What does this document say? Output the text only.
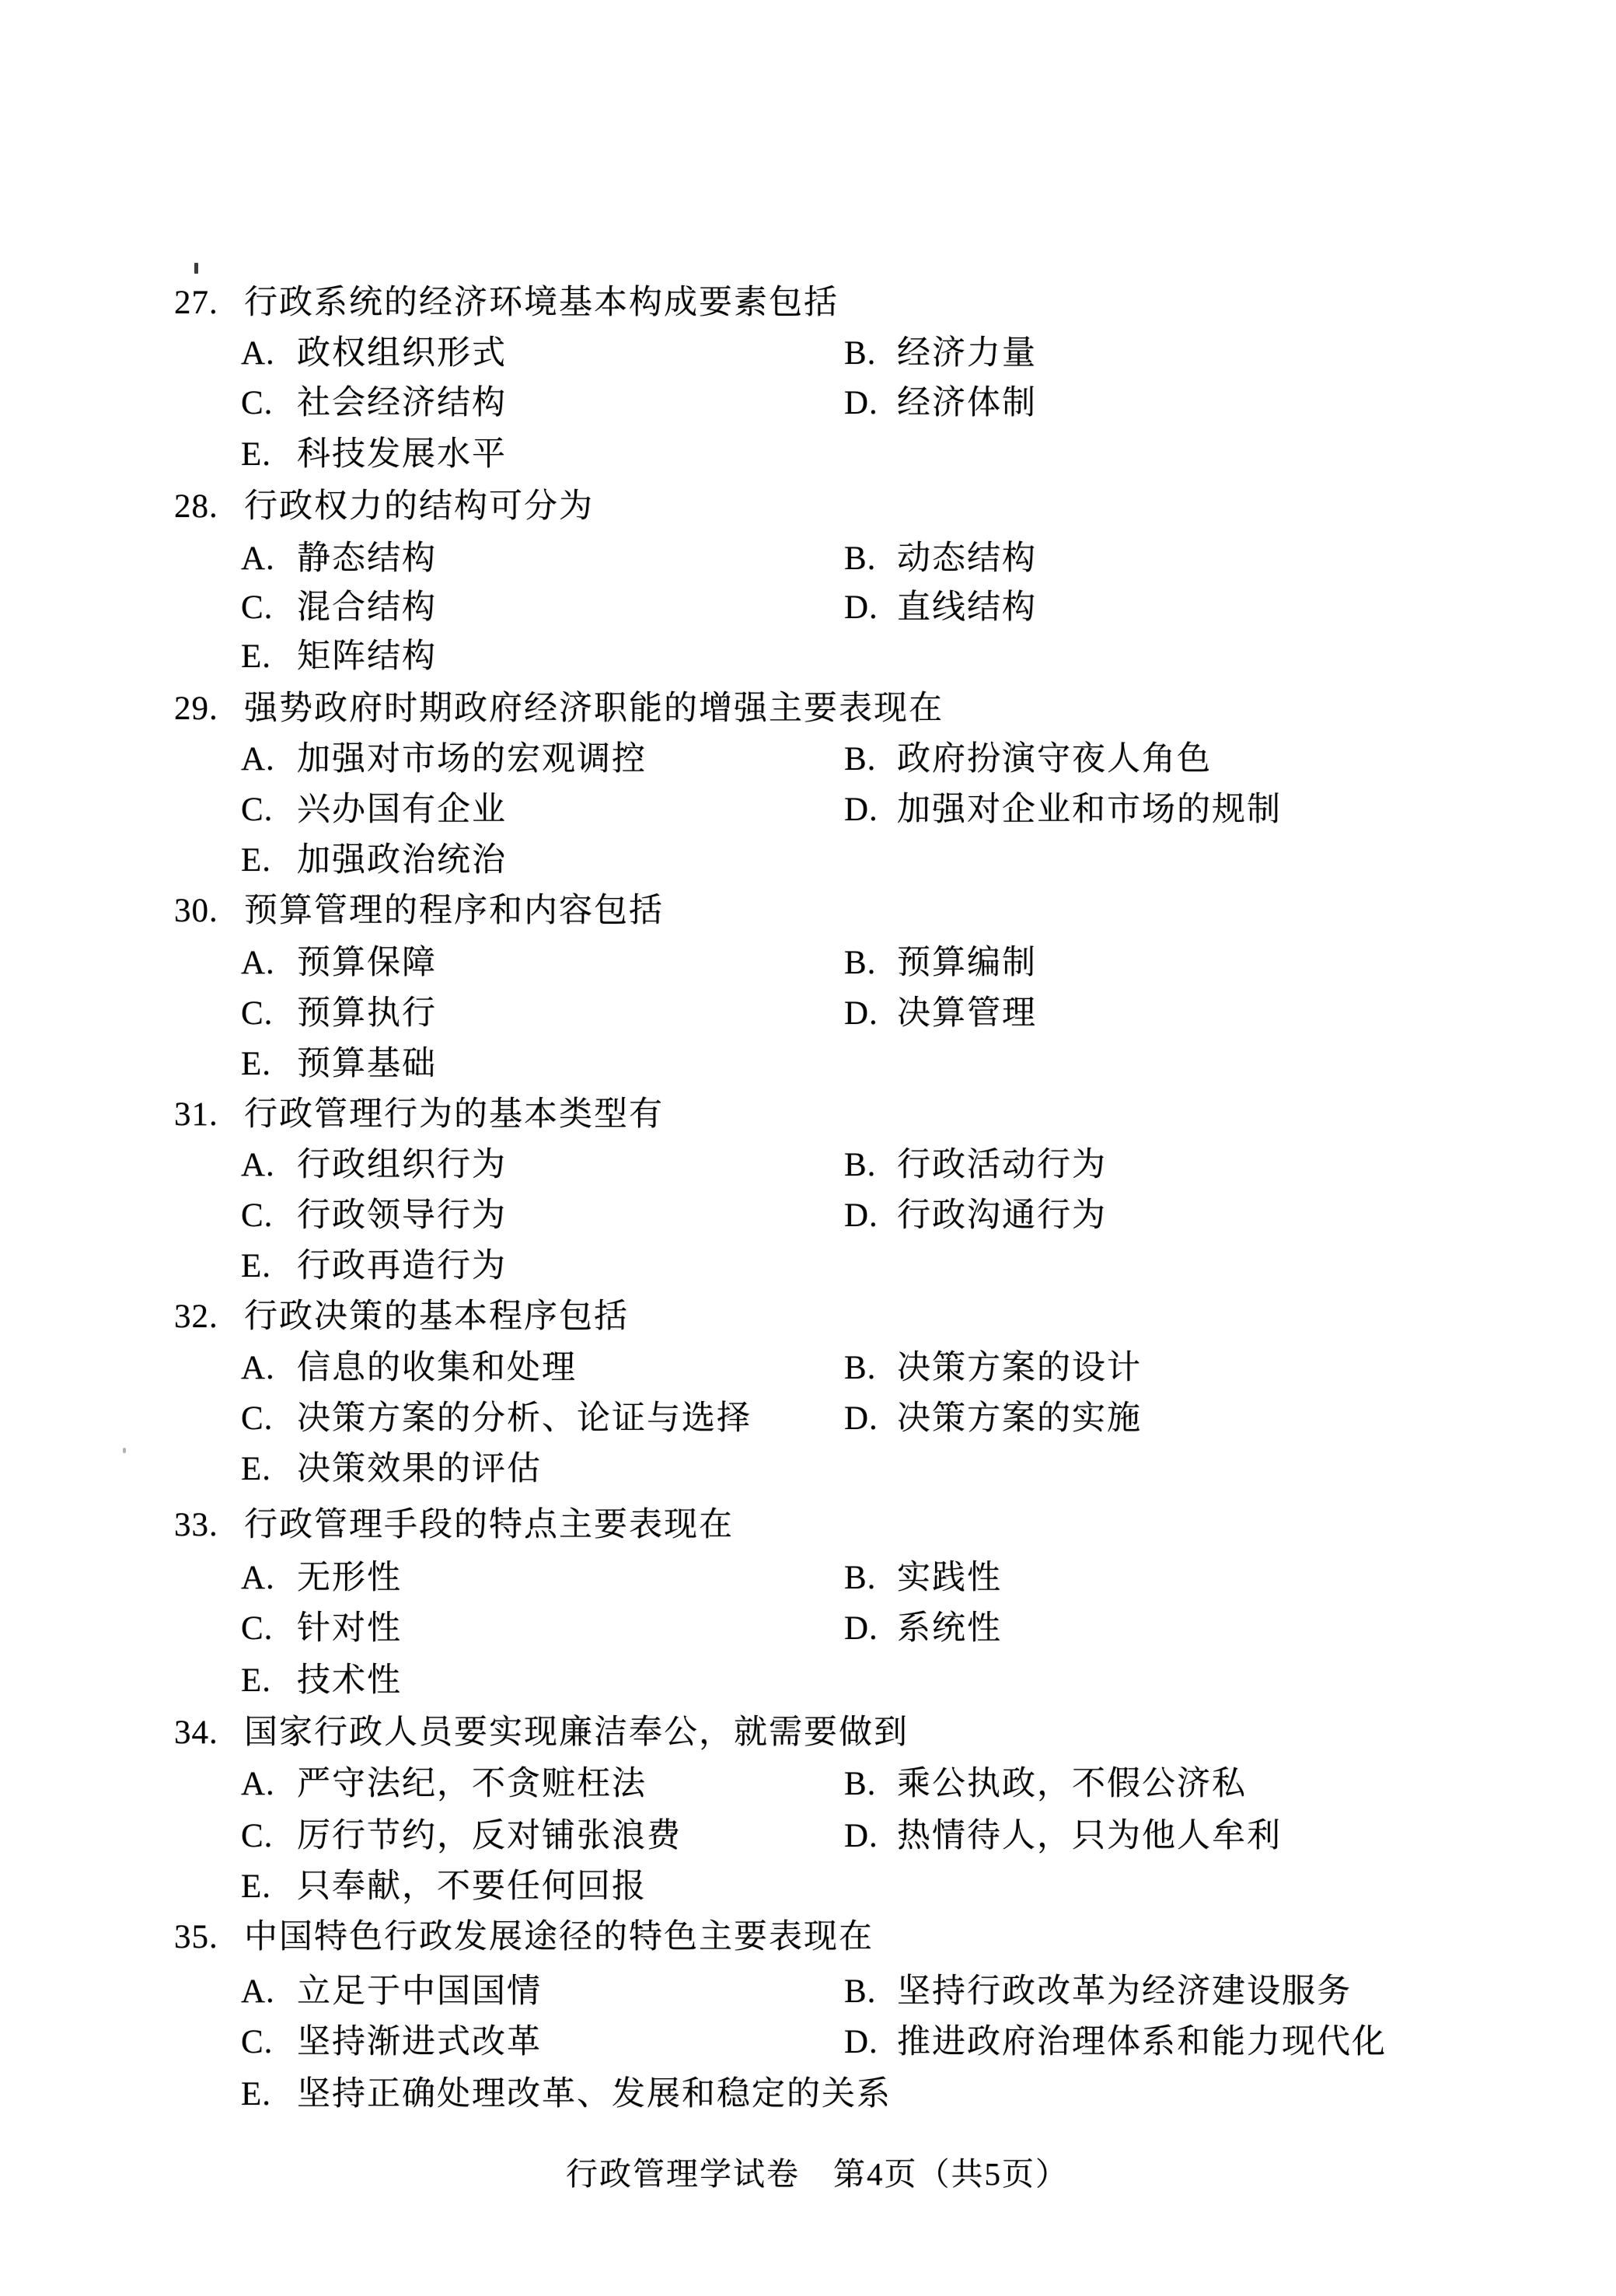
27. 行政系统的经济环境基本构成要素包括
A. 政权组织形式	B. 经济力量
C. 社会经济结构	D. 经济体制
E. 科技发展水平
28. 行政权力的结构可分为
A. 静态结构	B. 动态结构
C. 混合结构	D. 直线结构
E. 矩阵结构
29. 强势政府时期政府经济职能的增强主要表现在
A. 加强对市场的宏观调控	B. 政府扮演守夜人角色
C. 兴办国有企业	D. 加强对企业和市场的规制
E. 加强政治统治
30. 预算管理的程序和内容包括
A. 预算保障	B. 预算编制
C. 预算执行	D. 决算管理
E. 预算基础
31. 行政管理行为的基本类型有
A. 行政组织行为	B. 行政活动行为
C. 行政领导行为	D. 行政沟通行为
E. 行政再造行为
32. 行政决策的基本程序包括
A. 信息的收集和处理	B. 决策方案的设计
C. 决策方案的分析、论证与选择	D. 决策方案的实施
E. 决策效果的评估
33. 行政管理手段的特点主要表现在
A. 无形性	B. 实践性
C. 针对性	D. 系统性
E. 技术性
34. 国家行政人员要实现廉洁奉公，就需要做到
A. 严守法纪，不贪赃枉法	B. 乘公执政，不假公济私
C. 厉行节约，反对铺张浪费	D. 热情待人，只为他人牟利
E. 只奉献，不要任何回报
35. 中国特色行政发展途径的特色主要表现在
A. 立足于中国国情	B. 坚持行政改革为经济建设服务
C. 坚持渐进式改革	D. 推进政府治理体系和能力现代化
E. 坚持正确处理改革、发展和稳定的关系
行政管理学试卷　第4页（共5页）
